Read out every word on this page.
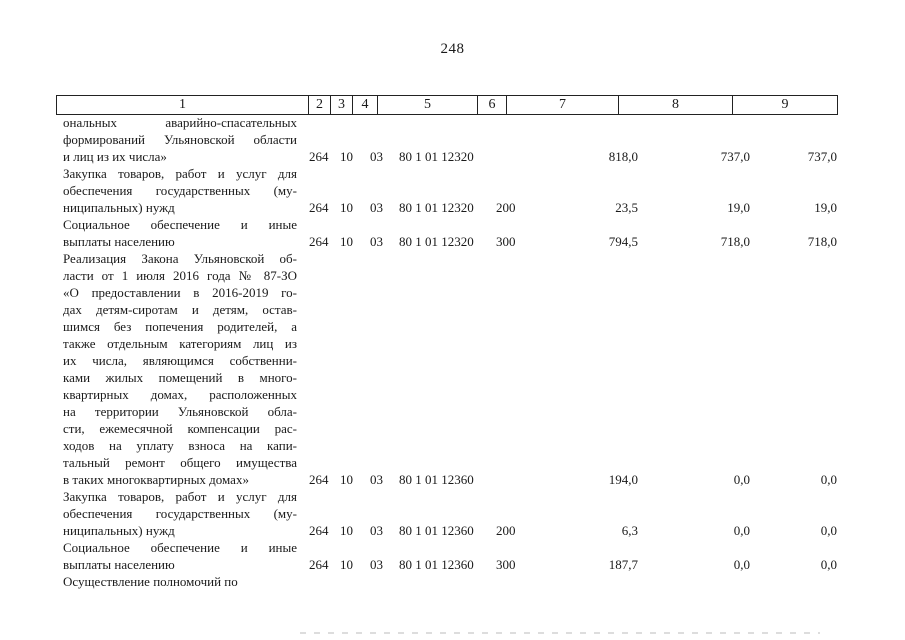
248
1	2	3	4	5	6	7	8	9
ональных аварийно-спасательных
формирований Ульяновской области
и лиц из их числа»	264 10 03 80 1 01 12320	818,0	737,0	737,0
Закупка товаров, работ и услуг для
обеспечения государственных (му-
ниципальных) нужд	264 10 03 80 1 01 12320 200	23,5	19,0	19,0
Социальное обеспечение и иные
выплаты населению	264 10 03 80 1 01 12320 300	794,5	718,0	718,0
Реализация Закона Ульяновской об-
ласти от 1 июля 2016 года № 87-ЗО
«О предоставлении в 2016-2019 го-
дах детям-сиротам и детям, остав-
шимся без попечения родителей, а
также отдельным категориям лиц из
их числа, являющимся собственни-
ками жилых помещений в много-
квартирных домах, расположенных
на территории Ульяновской обла-
сти, ежемесячной компенсации рас-
ходов на уплату взноса на капи-
тальный ремонт общего имущества
в таких многоквартирных домах»	264 10 03 80 1 01 12360	194,0	0,0	0,0
Закупка товаров, работ и услуг для
обеспечения государственных (му-
ниципальных) нужд	264 10 03 80 1 01 12360 200	6,3	0,0	0,0
Социальное обеспечение и иные
выплаты населению	264 10 03 80 1 01 12360 300	187,7	0,0	0,0
Осуществление полномочий по
